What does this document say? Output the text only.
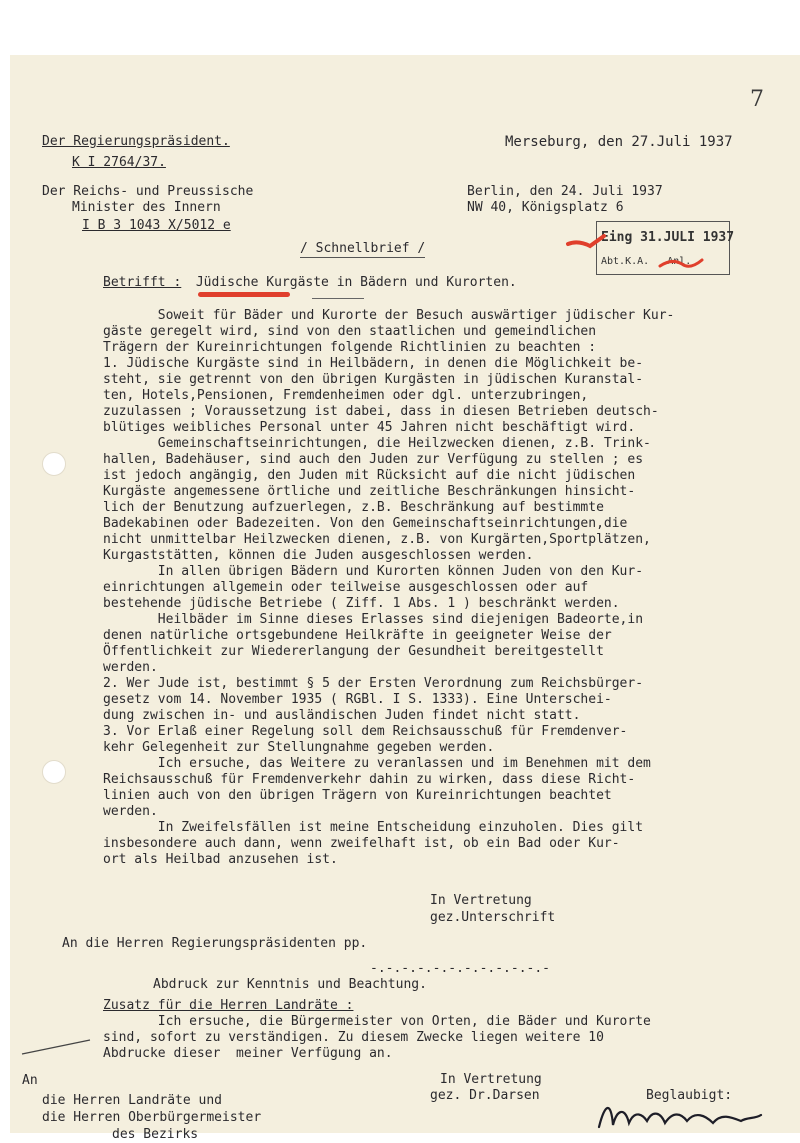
7
Der Regierungspräsident.
K I 2764/37.
Merseburg, den 27.Juli 1937
Der Reichs- und Preussische
Minister des Innern
I B 3 1043 X/5012 e
Berlin, den 24. Juli 1937
NW 40, Königsplatz 6
Eing 31.JULI 1937
Abt.K.A.   Anl.
/ Schnellbrief /
Betrifft : Jüdische Kurgäste in Bädern und Kurorten.
Soweit für Bäder und Kurorte der Besuch auswärtiger jüdischer Kur-
gäste geregelt wird, sind von den staatlichen und gemeindlichen
Trägern der Kureinrichtungen folgende Richtlinien zu beachten :
1. Jüdische Kurgäste sind in Heilbädern, in denen die Möglichkeit be-
steht, sie getrennt von den übrigen Kurgästen in jüdischen Kuranstal-
ten, Hotels,Pensionen, Fremdenheimen oder dgl. unterzubringen,
zuzulassen ; Voraussetzung ist dabei, dass in diesen Betrieben deutsch-
blütiges weibliches Personal unter 45 Jahren nicht beschäftigt wird.
Gemeinschaftseinrichtungen, die Heilzwecken dienen, z.B. Trink-
hallen, Badehäuser, sind auch den Juden zur Verfügung zu stellen ; es
ist jedoch angängig, den Juden mit Rücksicht auf die nicht jüdischen
Kurgäste angemessene örtliche und zeitliche Beschränkungen hinsicht-
lich der Benutzung aufzuerlegen, z.B. Beschränkung auf bestimmte
Badekabinen oder Badezeiten. Von den Gemeinschaftseinrichtungen,die
nicht unmittelbar Heilzwecken dienen, z.B. von Kurgärten,Sportplätzen,
Kurgaststätten, können die Juden ausgeschlossen werden.
In allen übrigen Bädern und Kurorten können Juden von den Kur-
einrichtungen allgemein oder teilweise ausgeschlossen oder auf
bestehende jüdische Betriebe ( Ziff. 1 Abs. 1 ) beschränkt werden.
Heilbäder im Sinne dieses Erlasses sind diejenigen Badeorte,in
denen natürliche ortsgebundene Heilkräfte in geeigneter Weise der
Öffentlichkeit zur Wiedererlangung der Gesundheit bereitgestellt
werden.
2. Wer Jude ist, bestimmt § 5 der Ersten Verordnung zum Reichsbürger-
gesetz vom 14. November 1935 ( RGBl. I S. 1333). Eine Unterschei-
dung zwischen in- und ausländischen Juden findet nicht statt.
3. Vor Erlaß einer Regelung soll dem Reichsausschuß für Fremdenver-
kehr Gelegenheit zur Stellungnahme gegeben werden.
Ich ersuche, das Weitere zu veranlassen und im Benehmen mit dem
Reichsausschuß für Fremdenverkehr dahin zu wirken, dass diese Richt-
linien auch von den übrigen Trägern von Kureinrichtungen beachtet
werden.
In Zweifelsfällen ist meine Entscheidung einzuholen. Dies gilt
insbesondere auch dann, wenn zweifelhaft ist, ob ein Bad oder Kur-
ort als Heilbad anzusehen ist.
In Vertretung
gez.Unterschrift
An die Herren Regierungspräsidenten pp.
-.-.-.-.-.-.-.-.-.-.-.-
Abdruck zur Kenntnis und Beachtung.
Zusatz für die Herren Landräte :
Ich ersuche, die Bürgermeister von Orten, die Bäder und Kurorte
sind, sofort zu verständigen. Zu diesem Zwecke liegen weitere 10
Abdrucke dieser  meiner Verfügung an.
An
die Herren Landräte und
die Herren Oberbürgermeister
des Bezirks
In Vertretung
gez. Dr.Darsen	Beglaubigt:
